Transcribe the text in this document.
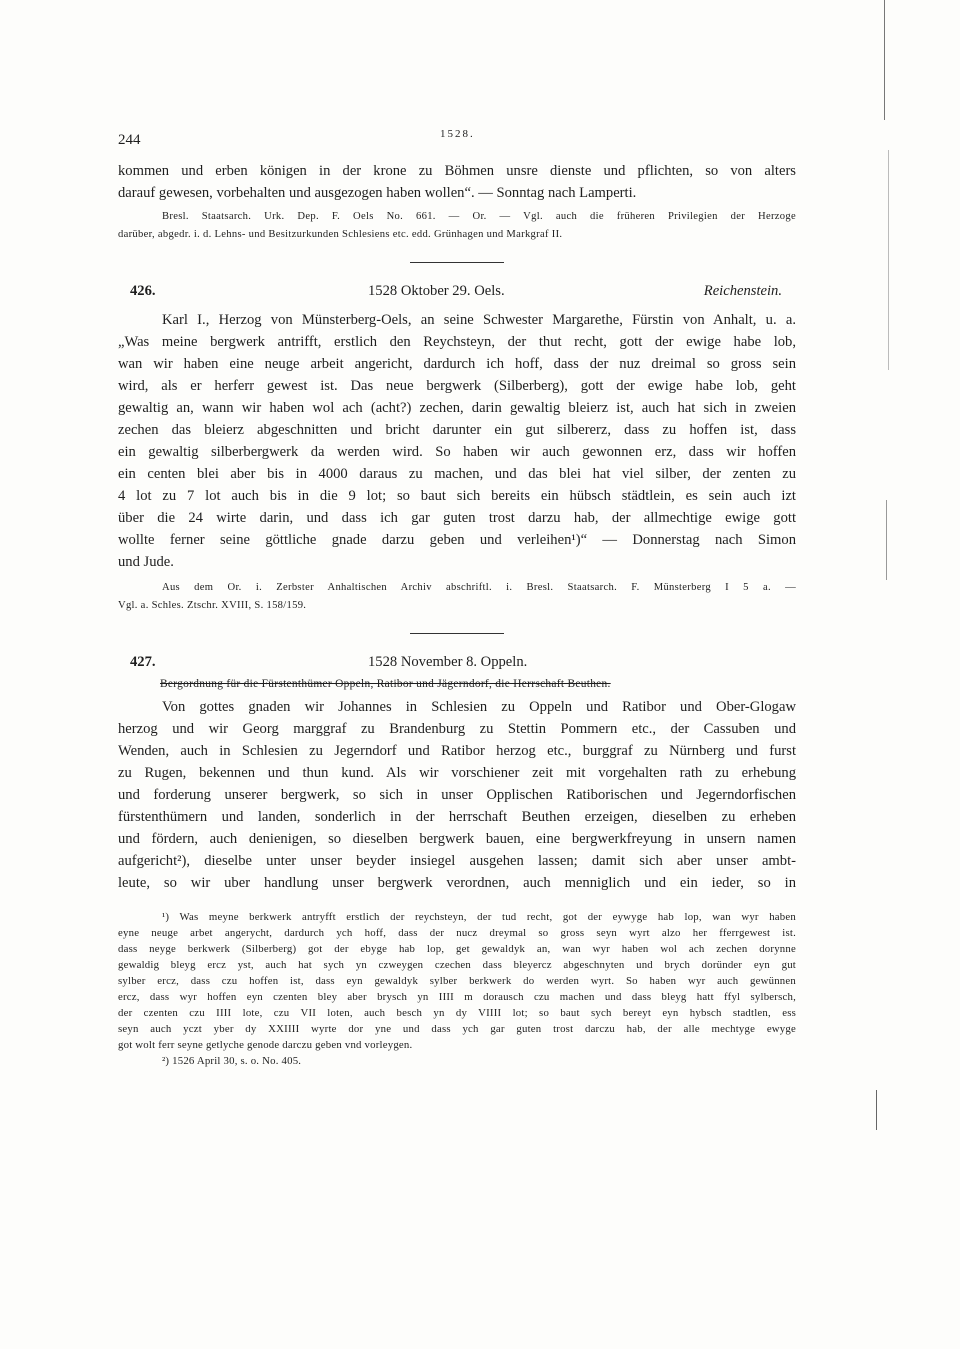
244	1528.
kommen und erben königen in der krone zu Böhmen unsre dienste und pflichten, so von alters
darauf gewesen, vorbehalten und ausgezogen haben wollen“. — Sonntag nach Lamperti.
Bresl. Staatsarch. Urk. Dep. F. Oels No. 661. — Or. — Vgl. auch die früheren Privilegien der Herzoge
darüber, abgedr. i. d. Lehns- und Besitzurkunden Schlesiens etc. edd. Grünhagen und Markgraf II.
426.	1528 Oktober 29. Oels.	Reichenstein.
Karl I., Herzog von Münsterberg-Oels, an seine Schwester Margarethe, Fürstin von Anhalt, u. a.
„Was meine bergwerk antrifft, erstlich den Reychsteyn, der thut recht, gott der ewige habe lob,
wan wir haben eine neuge arbeit angericht, dardurch ich hoff, dass der nuz dreimal so gross sein
wird, als er herferr gewest ist. Das neue bergwerk (Silberberg), gott der ewige habe lob, geht
gewaltig an, wann wir haben wol ach (acht?) zechen, darin gewaltig bleierz ist, auch hat sich in zweien
zechen das bleierz abgeschnitten und bricht darunter ein gut silbererz, dass zu hoffen ist, dass
ein gewaltig silberbergwerk da werden wird. So haben wir auch gewonnen erz, dass wir hoffen
ein centen blei aber bis in 4000 daraus zu machen, und das blei hat viel silber, der zenten zu
4 lot zu 7 lot auch bis in die 9 lot; so baut sich bereits ein hübsch städtlein, es sein auch izt
über die 24 wirte darin, und dass ich gar guten trost darzu hab, der allmechtige ewige gott
wollte ferner seine göttliche gnade darzu geben und verleihen¹)“ — Donnerstag nach Simon
und Jude.
Aus dem Or. i. Zerbster Anhaltischen Archiv abschriftl. i. Bresl. Staatsarch. F. Münsterberg I 5 a. —
Vgl. a. Schles. Ztschr. XVIII, S. 158/159.
427.	1528 November 8. Oppeln.
Bergordnung für die Fürstenthümer Oppeln, Ratibor und Jägerndorf, die Herrschaft Beuthen.
Von gottes gnaden wir Johannes in Schlesien zu Oppeln und Ratibor und Ober-Glogaw
herzog und wir Georg marggraf zu Brandenburg zu Stettin Pommern etc., der Cassuben und
Wenden, auch in Schlesien zu Jegerndorf und Ratibor herzog etc., burggraf zu Nürnberg und furst
zu Rugen, bekennen und thun kund. Als wir vorschiener zeit mit vorgehalten rath zu erhebung
und forderung unserer bergwerk, so sich in unser Opplischen Ratiborischen und Jegerndorfischen
fürstenthümern und landen, sonderlich in der herrschaft Beuthen erzeigen, dieselben zu erheben
und fördern, auch denienigen, so dieselben bergwerk bauen, eine bergwerkfreyung in unsern namen
aufgericht²), dieselbe unter unser beyder insiegel ausgehen lassen; damit sich aber unser ambt-
leute, so wir uber handlung unser bergwerk verordnen, auch menniglich und ein ieder, so in
¹) Was meyne berkwerk antryfft erstlich der reychsteyn, der tud recht, got der eywyge hab lop, wan wyr haben
eyne neuge arbet angerycht, dardurch ych hoff, dass der nucz dreymal so gross seyn wyrt alzo her fferrgewest ist.
dass neyge berkwerk (Silberberg) got der ebyge hab lop, get gewaldyk an, wan wyr haben wol ach zechen dorynne
gewaldig bleyg ercz yst, auch hat sych yn czweygen czechen dass bleyercz abgeschnyten und brych doründer eyn gut
sylber ercz, dass czu hoffen ist, dass eyn gewaldyk sylber berkwerk do werden wyrt. So haben wyr auch gewünnen
ercz, dass wyr hoffen eyn czenten bley aber brysch yn IIII m dorausch czu machen und dass bleyg hatt ffyl sylbersch,
der czenten czu IIII lote, czu VII loten, auch besch yn dy VIIII lot; so baut sych bereyt eyn hybsch stadtlen, ess
seyn auch yczt yber dy XXIIII wyrte dor yne und dass ych gar guten trost darczu hab, der alle mechtyge ewyge
got wolt ferr seyne getlyche genode darczu geben vnd vorleygen.
²) 1526 April 30, s. o. No. 405.
